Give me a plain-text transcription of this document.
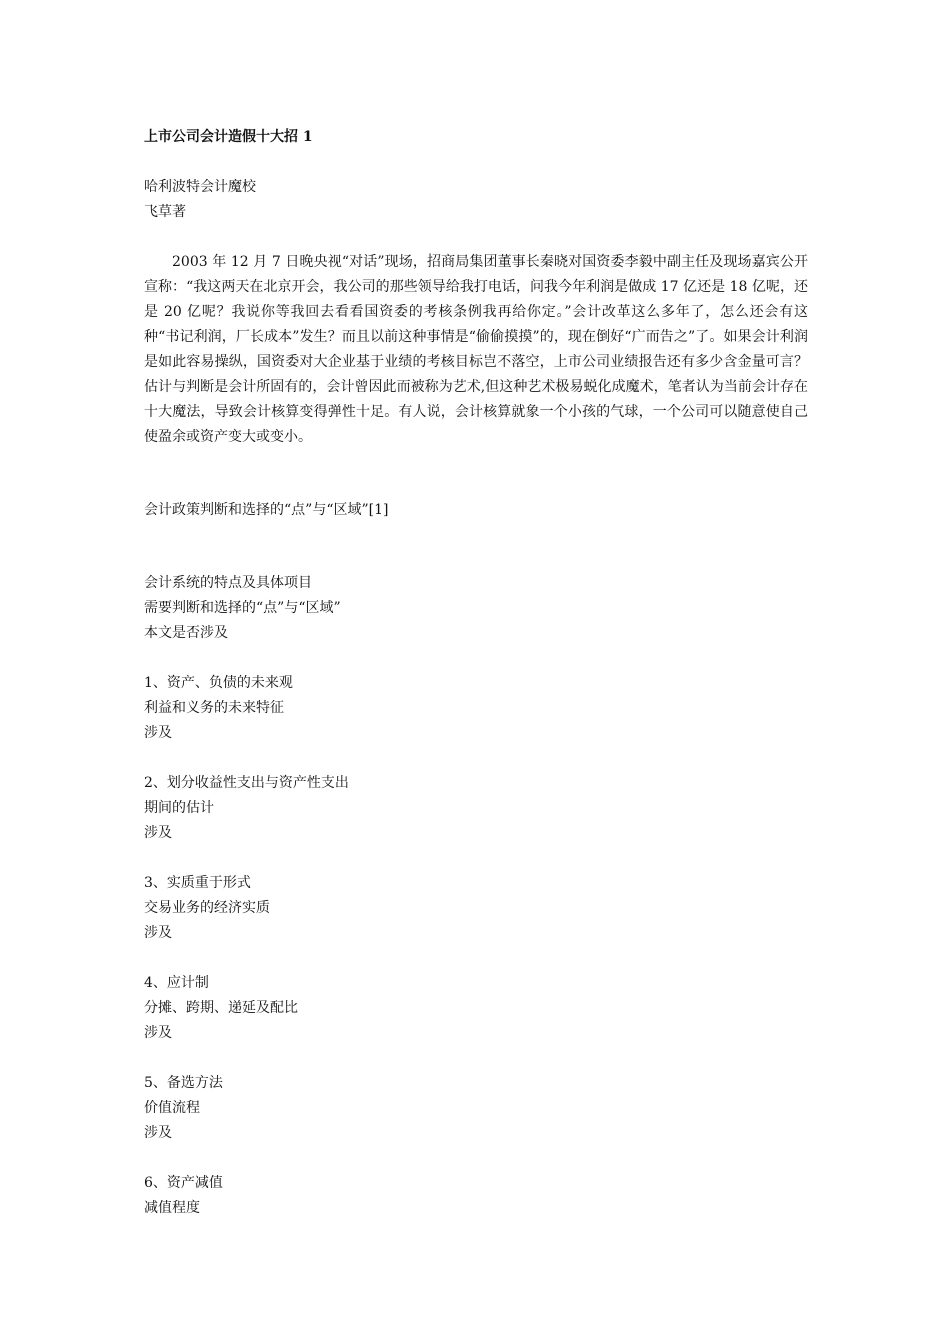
上市公司会计造假十大招 1
哈利波特会计魔校
飞草著
2003 年 12 月 7 日晚央视“对话”现场，招商局集团董事长秦晓对国资委李毅中副主任及现场嘉宾公开宣称：“我这两天在北京开会，我公司的那些领导给我打电话，问我今年利润是做成 17 亿还是 18 亿呢，还是 20 亿呢？我说你等我回去看看国资委的考核条例我再给你定。”会计改革这么多年了，怎么还会有这种“书记利润，厂长成本”发生？而且以前这种事情是“偷偷摸摸”的，现在倒好“广而告之”了。如果会计利润是如此容易操纵，国资委对大企业基于业绩的考核目标岂不落空，上市公司业绩报告还有多少含金量可言？估计与判断是会计所固有的，会计曾因此而被称为艺术,但这种艺术极易蜕化成魔术，笔者认为当前会计存在十大魔法，导致会计核算变得弹性十足。有人说，会计核算就象一个小孩的气球，一个公司可以随意使自己使盈余或资产变大或变小。
会计政策判断和选择的“点”与“区域”[1]
会计系统的特点及具体项目
需要判断和选择的“点”与“区域”
本文是否涉及
1、资产、负债的未来观
利益和义务的未来特征
涉及
2、划分收益性支出与资产性支出
期间的估计
涉及
3、实质重于形式
交易业务的经济实质
涉及
4、应计制
分摊、跨期、递延及配比
涉及
5、备选方法
价值流程
涉及
6、资产减值
减值程度
